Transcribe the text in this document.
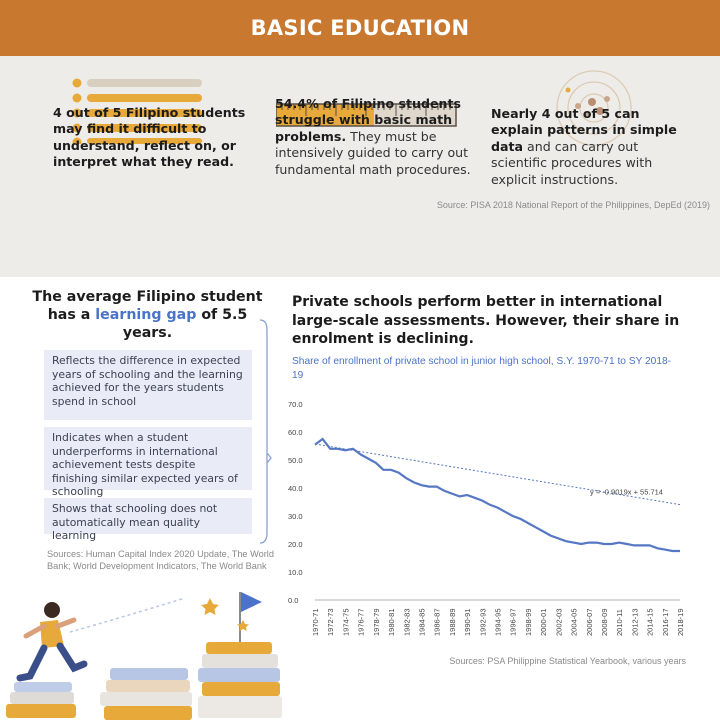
BASIC EDUCATION
4 out of 5 Filipino students may find it difficult to understand, reflect on, or interpret what they read.
54.4% of Filipino students struggle with basic math problems. They must be intensively guided to carry out fundamental math procedures.
Nearly 4 out of 5 can explain patterns in simple data and can carry out scientific procedures with explicit instructions.
Source: PISA 2018 National Report of the Philippines, DepEd (2019)
The average Filipino student has a learning gap of 5.5 years.
Reflects the difference in expected years of schooling and the learning achieved for the years students spend in school
Indicates when a student underperforms in international achievement tests despite finishing similar expected years of schooling
Shows that schooling does not automatically mean quality learning
Sources: Human Capital Index 2020 Update, The World Bank; World Development Indicators, The World Bank
Private schools perform better in international large-scale assessments. However, their share in enrolment is declining.
Share of enrollment of private school in junior high school, S.Y. 1970-71 to SY 2018-19
0.0
10.0
20.0
30.0
40.0
50.0
60.0
70.0
1970-71 1972-73 1974-75 1976-77 1978-79 1980-81 1982-83 1984-85 1986-87 1988-89 1990-91 1992-93 1994-95 1996-97 1998-99 2000-01 2002-03 2004-05 2006-07 2008-09 2010-11 2012-13 2014-15 2016-17 2018-19
y = -0.9019x + 55.714
Sources: PSA Philippine Statistical Yearbook, various years
